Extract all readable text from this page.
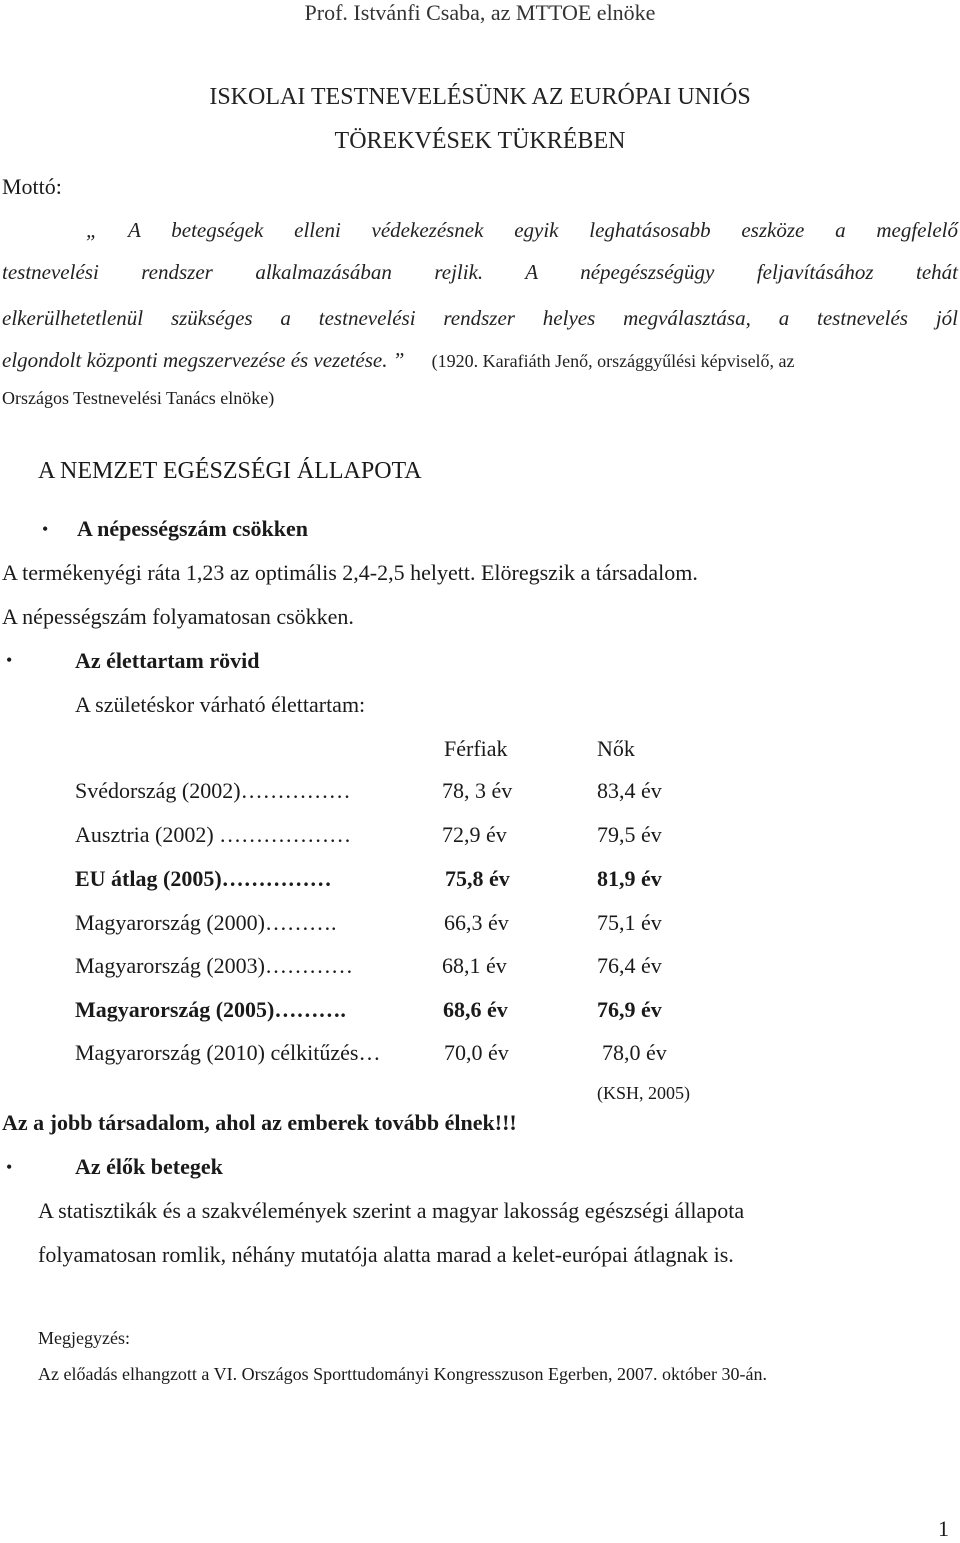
Prof. Istvánfi Csaba, az MTTOE elnöke

ISKOLAI TESTNEVELÉSÜNK AZ EURÓPAI UNIÓS
TÖREKVÉSEK TÜKRÉBEN

Mottó:

„ A betegségek elleni védekezésnek egyik leghatásosabb eszköze a megfelelő
testnevelési rendszer alkalmazásában rejlik. A népegészségügy feljavításához tehát
elkerülhetetlenül szükséges a testnevelési rendszer helyes megválasztása, a testnevelés jól
elgondolt központi megszervezése és vezetése. ” (1920. Karafiáth Jenő, országgyűlési képviselő, az

Országos Testnevelési Tanács elnöke)

A NEMZET EGÉSZSÉGI ÁLLAPOTA
• A népességszám csökken

A termékenyégi ráta 1,23 az optimális 2,4-2,5 helyett. Elöregszik a társadalom.

A népességszám folyamatosan csökken.

•	Az élettartam rövid

A születéskor várható élettartam:

Férfiak	Nők

Svédország (2002)……………	78, 3 év	83,4 év
Ausztria (2002) ………………	72,9 év	79,5 év
EU átlag (2005)……………	75,8 év	81,9 év
Magyarország (2000)……….	66,3 év	75,1 év
Magyarország (2003)…………	68,1 év	76,4 év
Magyarország (2005)……….	68,6 év	76,9 év
Magyarország (2010) célkitűzés…	70,0 év	78,0 év

(KSH, 2005)

Az a jobb társadalom, ahol az emberek tovább élnek!!!

•	Az élők betegek

A statisztikák és a szakvélemények szerint a magyar lakosság egészségi állapota

folyamatosan romlik, néhány mutatója alatta marad a kelet-európai átlagnak is.

Megjegyzés:

Az előadás elhangzott a VI. Országos Sporttudományi Kongresszuson Egerben, 2007. október 30-án.

1
